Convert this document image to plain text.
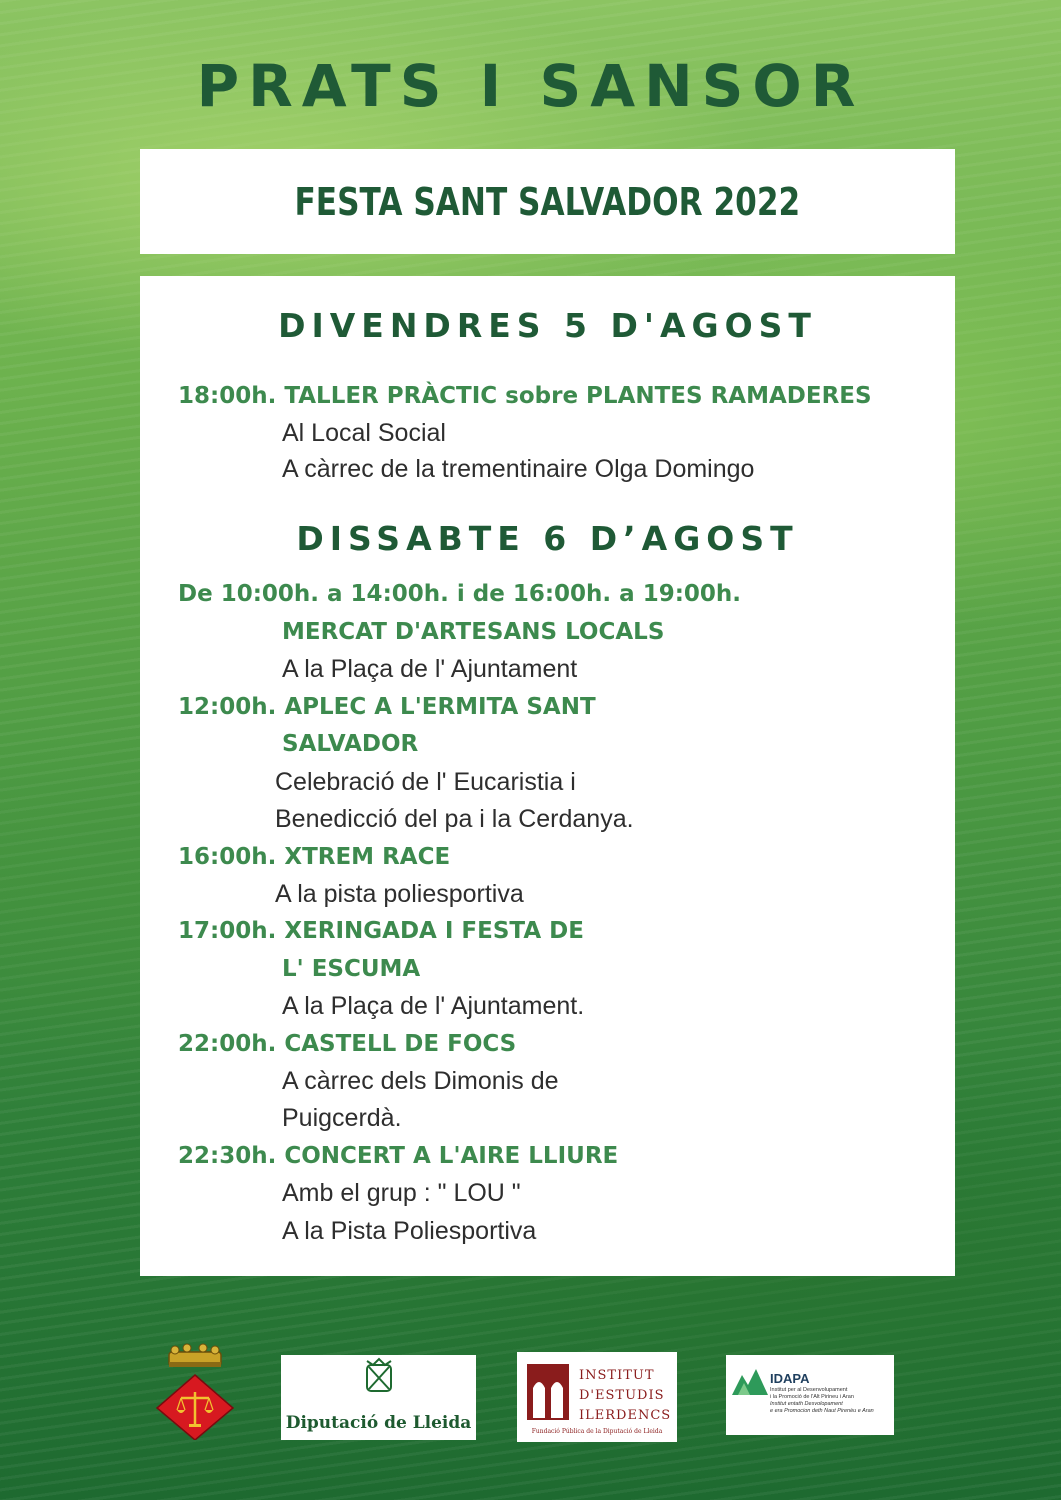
PRATS I SANSOR
FESTA SANT SALVADOR 2022
DIVENDRES 5 D'AGOST
18:00h. TALLER PRÀCTIC sobre PLANTES RAMADERES
Al Local Social
A càrrec de la trementinaire Olga Domingo
DISSABTE 6 D’AGOST
De 10:00h. a 14:00h. i de 16:00h. a 19:00h.
MERCAT D'ARTESANS LOCALS
A la Plaça de l' Ajuntament
12:00h. APLEC A L'ERMITA SANT
SALVADOR
Celebració de l' Eucaristia i
Benedicció del pa i la Cerdanya.
16:00h. XTREM RACE
A la pista poliesportiva
17:00h. XERINGADA I FESTA DE
L' ESCUMA
A la Plaça de l' Ajuntament.
22:00h. CASTELL DE FOCS
A càrrec dels Dimonis de
Puigcerdà.
22:30h. CONCERT A L'AIRE LLIURE
Amb el grup : " LOU "
A la Pista Poliesportiva
Diputació de Lleida
INSTITUT
D'ESTUDIS
ILERDENCS
Fundació Pública de la Diputació de Lleida
IDAPA
Institut per al Desenvolupament
i la Promoció de l'Alt Pirineu i Aran
Institut entath Desvolopament
e era Promocion deth Naut Pirenèu e Aran
